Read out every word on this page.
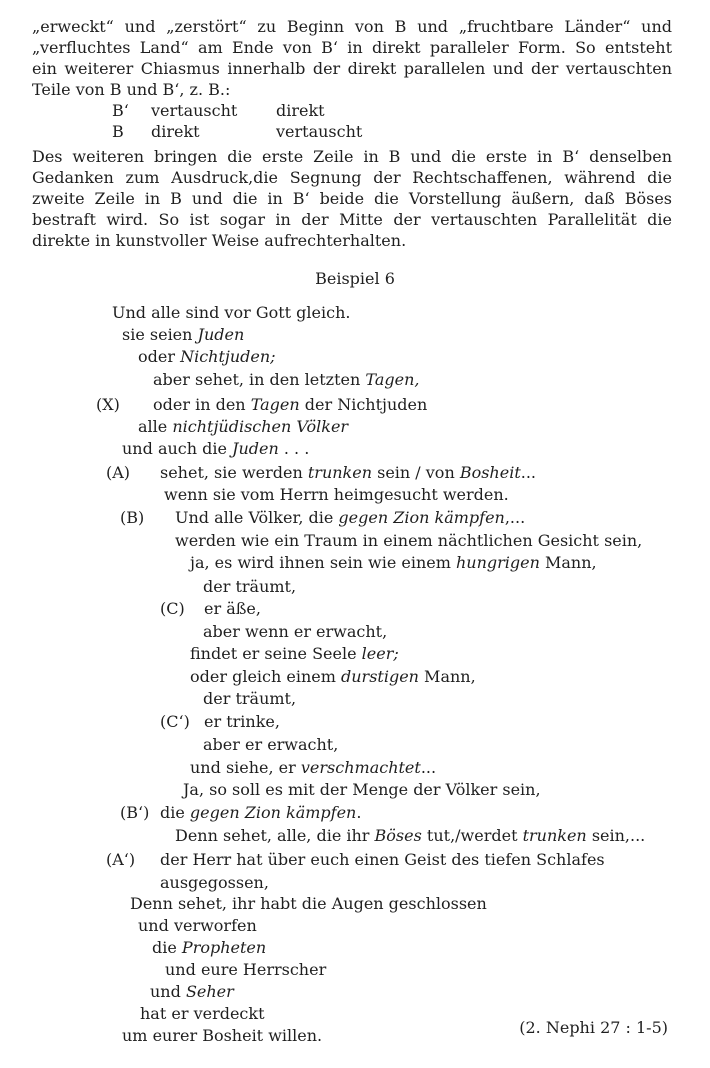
„erweckt“ und „zerstört“ zu Beginn von B und „fruchtbare Länder“ und
„verfluchtes Land“ am Ende von B‘ in direkt paralleler Form. So entsteht
ein weiterer Chiasmus innerhalb der direkt parallelen und der vertauschten
Teile von B und B‘, z. B.:
B‘ vertauscht direkt
B direkt	vertauscht
Des weiteren bringen die erste Zeile in B und die erste in B‘ denselben
Gedanken zum Ausdruck,die Segnung der Rechtschaffenen, während die
zweite Zeile in B und die in B‘ beide die Vorstellung äußern, daß Böses
bestraft wird. So ist sogar in der Mitte der vertauschten Parallelität die
direkte in kunstvoller Weise aufrechterhalten.
Beispiel 6
Und alle sind vor Gott gleich.
sie seien Juden
oder Nichtjuden;
aber sehet, in den letzten Tagen,
(X) oder in den Tagen der Nichtjuden
alle nichtjüdischen Völker
und auch die Juden . . .
(A) sehet, sie werden trunken sein / von Bosheit...
wenn sie vom Herrn heimgesucht werden.
(B) Und alle Völker, die gegen Zion kämpfen,...
werden wie ein Traum in einem nächtlichen Gesicht sein,
ja, es wird ihnen sein wie einem hungrigen Mann,
der träumt,
(C) er äße,
aber wenn er erwacht,
findet er seine Seele leer;
oder gleich einem durstigen Mann,
der träumt,
(C‘) er trinke,
aber er erwacht,
und siehe, er verschmachtet...
Ja, so soll es mit der Menge der Völker sein,
(B‘) die gegen Zion kämpfen.
Denn sehet, alle, die ihr Böses tut,/werdet trunken sein,...
(A‘) der Herr hat über euch einen Geist des tiefen Schlafes
ausgegossen,
Denn sehet, ihr habt die Augen geschlossen
und verworfen
die Propheten
und eure Herrscher
und Seher
hat er verdeckt
um eurer Bosheit willen.	(2. Nephi 27 : 1-5)
